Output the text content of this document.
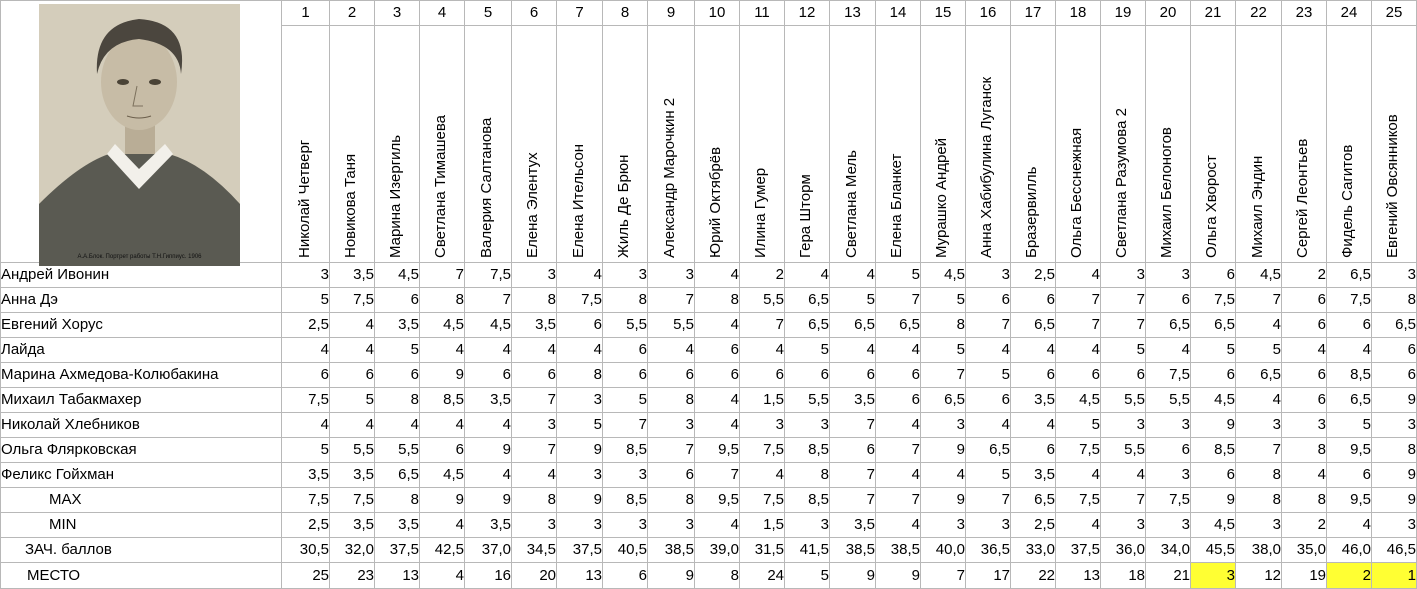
А.А.Блок. Портрет работы Т.Н.Гиппиус. 1906	1	2	3	4	5	6	7	8	9	10	11	12	13	14	15	16	17	18	19	20	21	22	23	24	25

	Николай Четверг	Новикова Таня	Марина Изергиль	Светлана Тимашева	Валерия Салтанова	Елена Элентух	Елена Ительсон	Жиль Де Брюн	Александр Марочкин 2	Юрий Октябрёв	Илина Гумер	Гера Шторм	Светлана Мель	Елена Бланкет	Мурашко Андрей	Анна Хабибулина Луганск	Бразервилль	Ольга Бесснежная	Светлана Разумова 2	Михаил Белоногов	Ольга Хворост	Михаил Эндин	Сергей Леонтьев	Фидель Сагитов	Евгений Овсянников

Андрей Ивонин	3	3,5	4,5	7	7,5	3	4	3	3	4	2	4	4	5	4,5	3	2,5	4	3	3	6	4,5	2	6,5	3
Анна Дэ	5	7,5	6	8	7	8	7,5	8	7	8	5,5	6,5	5	7	5	6	6	7	7	6	7,5	7	6	7,5	8
Евгений Хорус	2,5	4	3,5	4,5	4,5	3,5	6	5,5	5,5	4	7	6,5	6,5	6,5	8	7	6,5	7	7	6,5	6,5	4	6	6	6,5
Лайда	4	4	5	4	4	4	4	6	4	6	4	5	4	4	5	4	4	4	5	4	5	5	4	4	6
Марина Ахмедова-Колюбакина	6	6	6	9	6	6	8	6	6	6	6	6	6	6	7	5	6	6	6	7,5	6	6,5	6	8,5	6
Михаил Табакмахер	7,5	5	8	8,5	3,5	7	3	5	8	4	1,5	5,5	3,5	6	6,5	6	3,5	4,5	5,5	5,5	4,5	4	6	6,5	9
Николай Хлебников	4	4	4	4	4	3	5	7	3	4	3	3	7	4	3	4	4	5	3	3	9	3	3	5	3
Ольга Флярковская	5	5,5	5,5	6	9	7	9	8,5	7	9,5	7,5	8,5	6	7	9	6,5	6	7,5	5,5	6	8,5	7	8	9,5	8
Феликс Гойхман	3,5	3,5	6,5	4,5	4	4	3	3	6	7	4	8	7	4	4	5	3,5	4	4	3	6	8	4	6	9
MAX	7,5	7,5	8	9	9	8	9	8,5	8	9,5	7,5	8,5	7	7	9	7	6,5	7,5	7	7,5	9	8	8	9,5	9
MIN	2,5	3,5	3,5	4	3,5	3	3	3	3	4	1,5	3	3,5	4	3	3	2,5	4	3	3	4,5	3	2	4	3
ЗАЧ. баллов	30,5	32,0	37,5	42,5	37,0	34,5	37,5	40,5	38,5	39,0	31,5	41,5	38,5	38,5	40,0	36,5	33,0	37,5	36,0	34,0	45,5	38,0	35,0	46,0	46,5
МЕСТО	25	23	13	4	16	20	13	6	9	8	24	5	9	9	7	17	22	13	18	21	3	12	19	2	1
